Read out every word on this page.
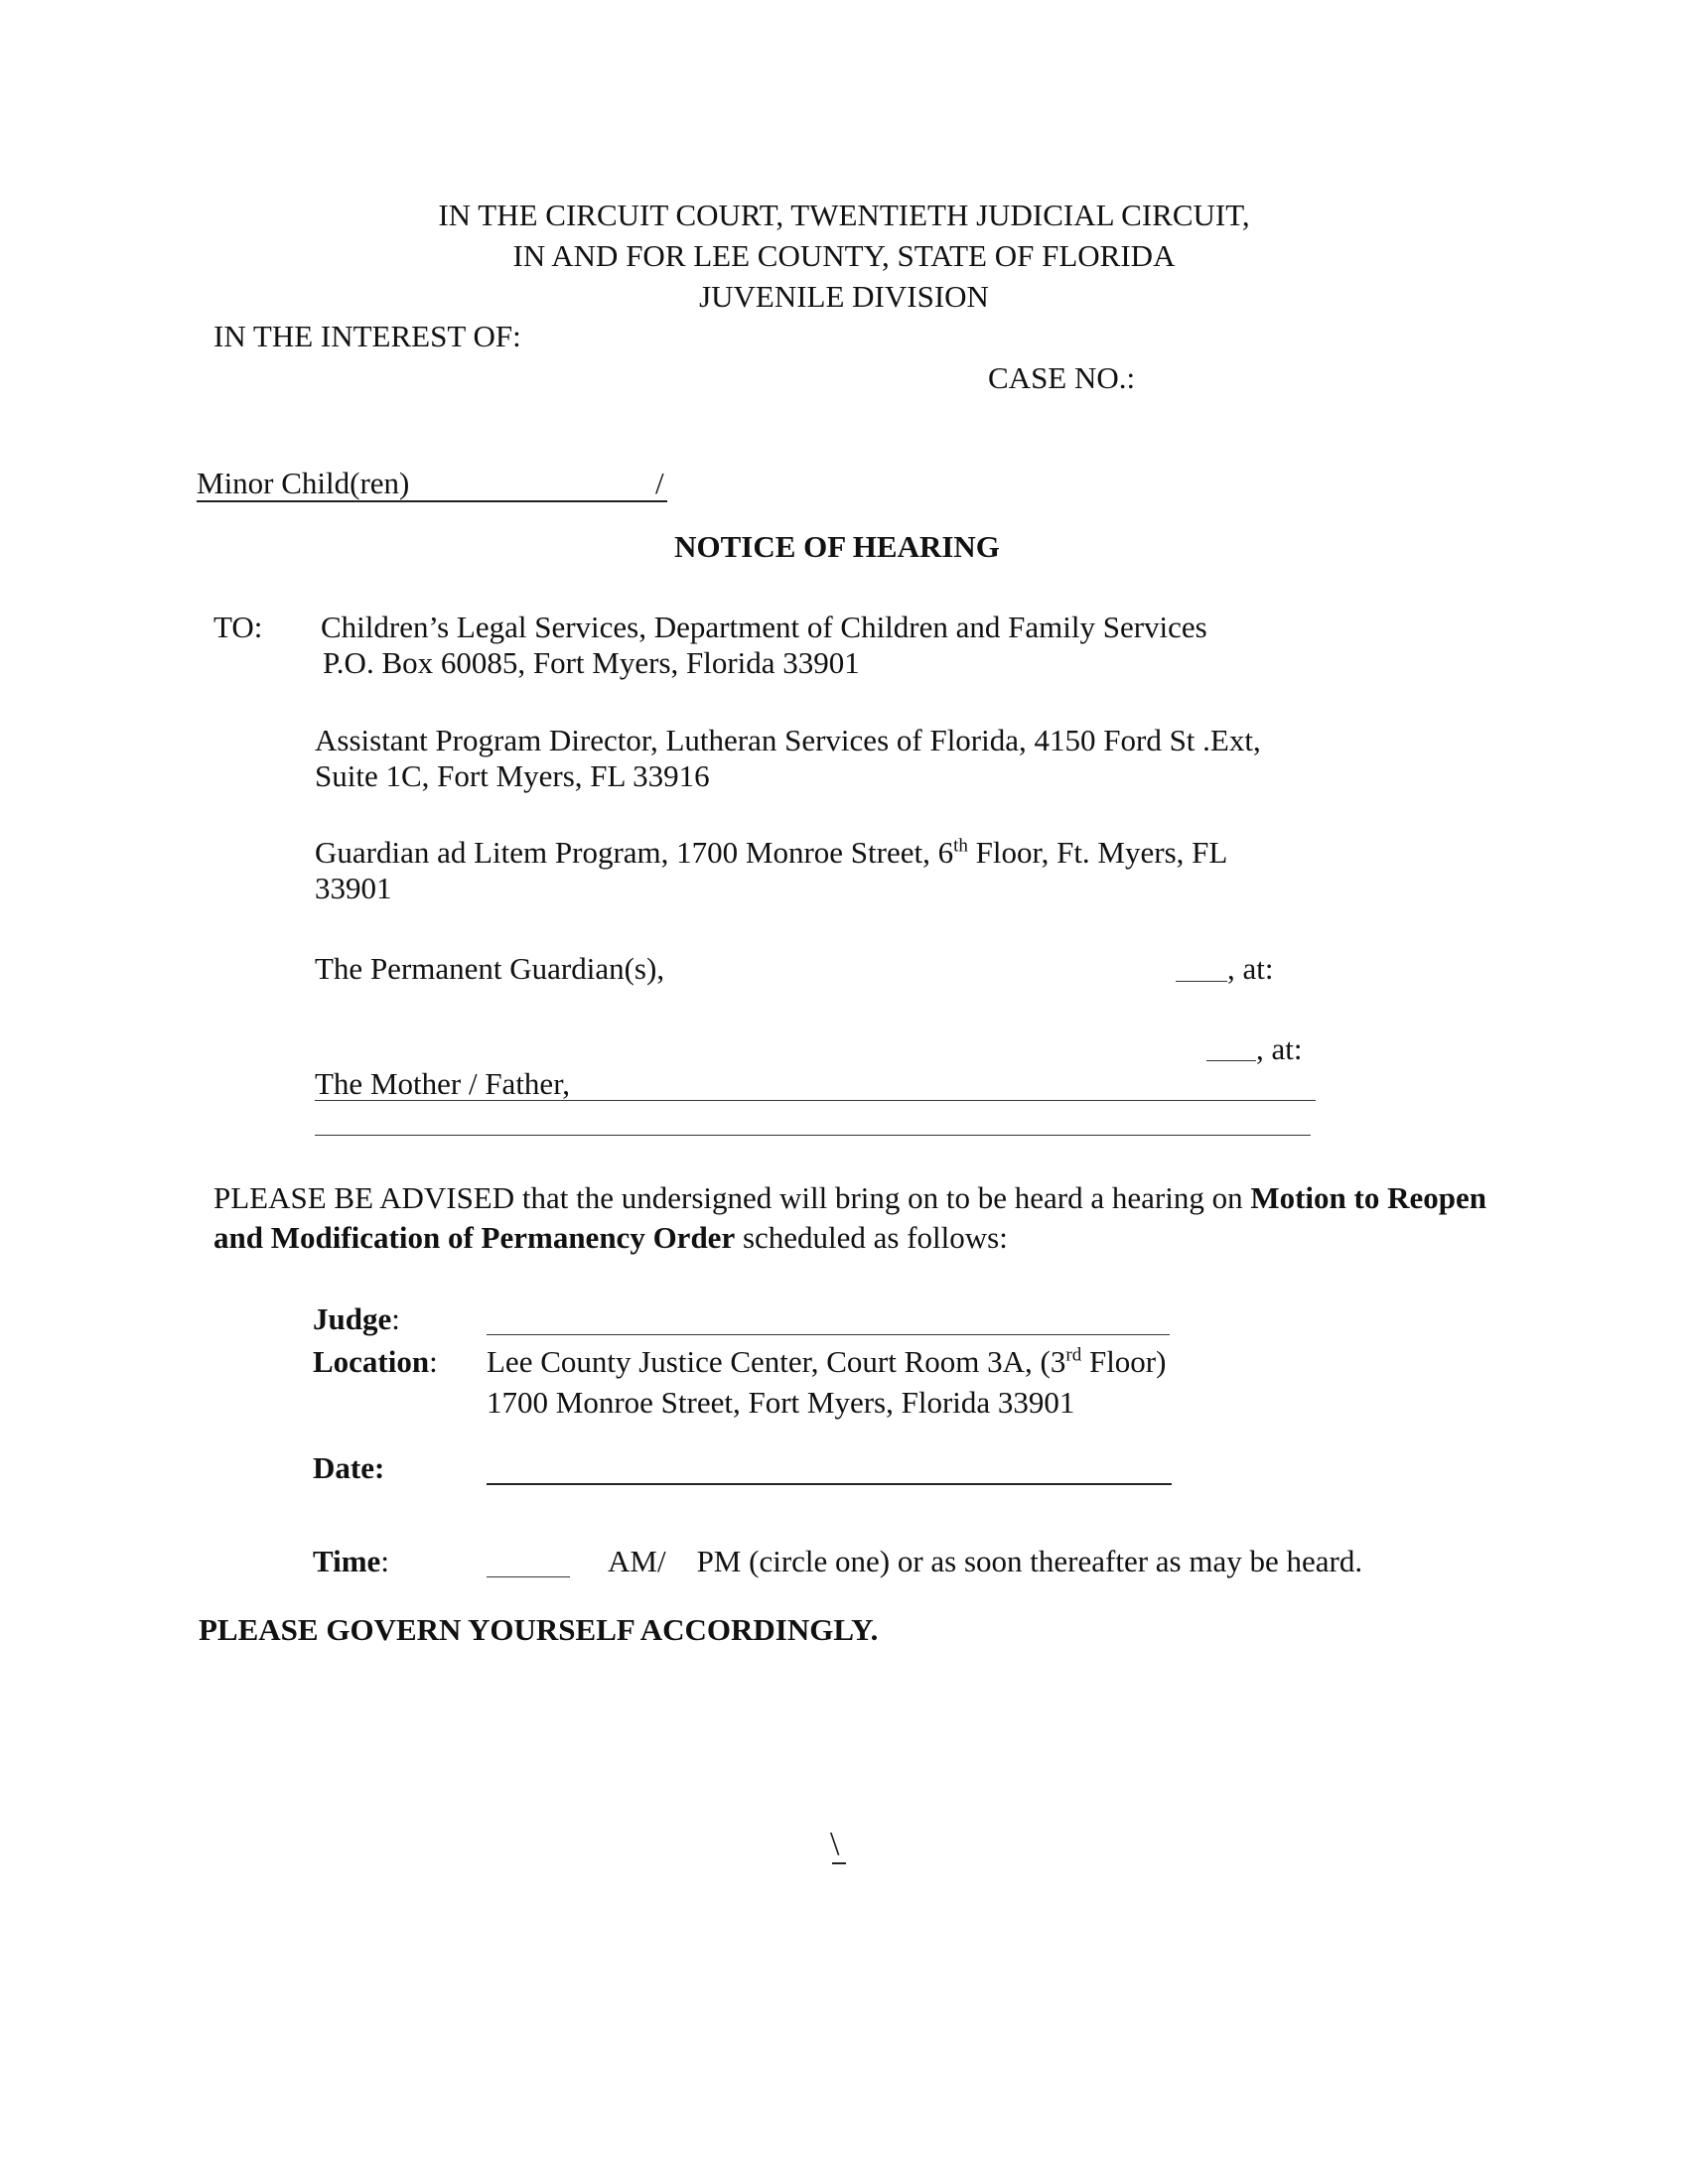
IN THE CIRCUIT COURT, TWENTIETH JUDICIAL CIRCUIT,
IN AND FOR LEE COUNTY, STATE OF FLORIDA
JUVENILE DIVISION
IN THE INTEREST OF:
CASE NO.:
Minor Child(ren)	/
NOTICE OF HEARING
TO: Children’s Legal Services, Department of Children and Family Services
P.O. Box 60085, Fort Myers, Florida 33901
Assistant Program Director, Lutheran Services of Florida, 4150 Ford St .Ext,
Suite 1C, Fort Myers, FL 33916
Guardian ad Litem Program, 1700 Monroe Street, 6th Floor, Ft. Myers, FL
33901
The Permanent Guardian(s),	, at:
, at:
The Mother / Father,
PLEASE BE ADVISED that the undersigned will bring on to be heard a hearing on Motion to Reopen and Modification of Permanency Order scheduled as follows:
Judge:
Location: Lee County Justice Center, Court Room 3A, (3rd Floor)
1700 Monroe Street, Fort Myers, Florida 33901
Date:
Time:	AM/    PM (circle one) or as soon thereafter as may be heard.
PLEASE GOVERN YOURSELF ACCORDINGLY.
\
